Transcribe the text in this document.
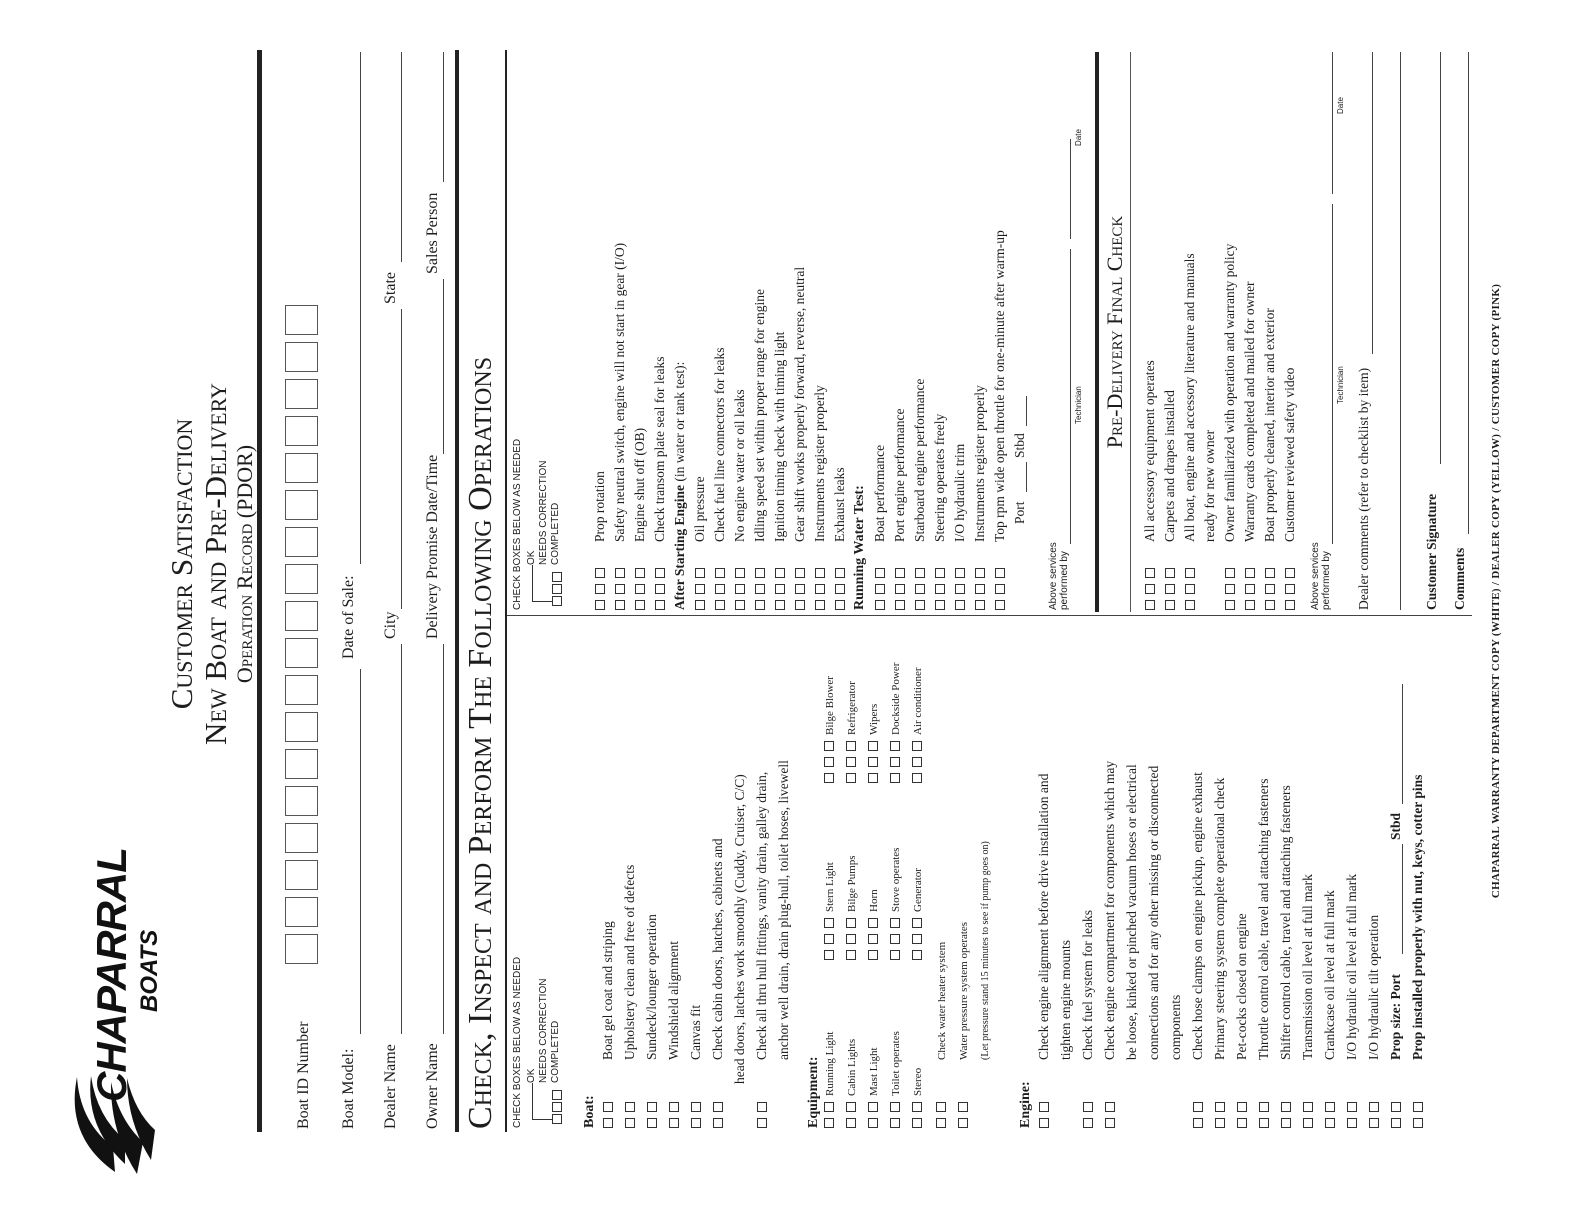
CHAPARRAL BOATS
Customer Satisfaction New Boat and Pre-Delivery Operation Record (PDOR)
Boat ID Number Boat Model:
Date of Sale:
Dealer Name
City
State
Owner Name
Delivery Promise Date/Time
Sales Person
Check, Inspect and Perform The Following Operations	CHECK BOXES BELOW AS NEEDED OK NEEDS CORRECTION COMPLETED
Boat:
Boat gel coat and striping Upholstery clean and free of defects Sundeck/lounger operation Windshield alignment Canvas fit Check cabin doors, hatches, cabinets and head doors, latches work smoothly (Cuddy, Cruiser, C/C) Check all thru hull fittings, vanity drain, galley drain, anchor well drain, drain plug-hull, toilet hoses, livewell
Equipment: Running Light Cabin Lights Mast Light Toilet operates Stereo
Stern Light Bilge Pumps Horn Stove operates Generator
Bilge Blower Refrigerator Wipers Dockside Power Air conditioner
Check water heater system Water pressure system operates (Let pressure stand 15 minutes to see if pump goes on)
Engine:
Check engine alignment before drive installation and tighten engine mounts Check fuel system for leaks Check engine compartment for components which may be loose, kinked or pinched vacuum hoses or electrical connections and for any other missing or disconnected components Check hose clamps on engine pickup, engine exhaust Primary steering system complete operational check Pet-cocks closed on engine Throttle control cable, travel and attaching fasteners Shifter control cable, travel and attaching fasteners Transmission oil level at full mark Crankcase oil level at full mark I/O hydraulic oil level at full mark I/O hydraulic tilt operation Prop size: Port
Stbd Prop installed properly with nut, keys, cotter pins
CHECK BOXES BELOW AS NEEDED OK NEEDS CORRECTION COMPLETED Prop rotation Safety neutral switch, engine will not start in gear (I/O) Engine shut off (OB) Check transom plate seal for leaks
After Starting Engine (in water or tank test):
Oil pressure Check fuel line connectors for leaks No engine water or oil leaks Idling speed set within proper range for engine Ignition timing check with timing light Gear shift works properly forward, reverse, neutral Instruments register properly Exhaust leaks Running Water Test: Boat performance Port engine performance Starboard engine performance Steering operates freely I/O hydraulic trim Instruments register properly Top rpm wide open throttle for one-minute after warm-up Port
Stbd
Above services performed by
Technician
Date
Pre-Delivery Final Check
All accessory equipment operates Carpets and drapes installed All boat, engine and accessory literature and manuals ready for new owner Owner familiarized with operation and warranty policy Warranty cards completed and mailed for owner Boat properly cleaned, interior and exterior Customer reviewed safety video
Above services performed by
Technician
Date
Dealer comments (refer to checklist by item)	Customer Signature Comments CHAPARRAL WARRANTY DEPARTMENT COPY (WHITE) / DEALER COPY (YELLOW) / CUSTOMER COPY (PINK)
